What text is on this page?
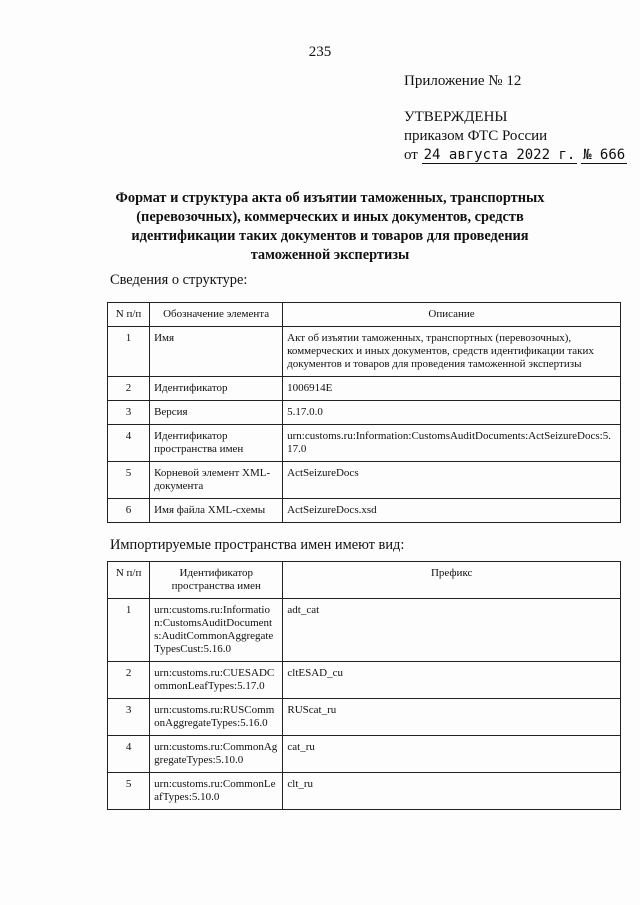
235
Приложение № 12
УТВЕРЖДЕНЫ
приказом ФТС России
от 24 августа 2022 г. № 666
Формат и структура акта об изъятии таможенных, транспортных (перевозочных), коммерческих и иных документов, средств идентификации таких документов и товаров для проведения таможенной экспертизы
Сведения о структуре:
N п/п	Обозначение элемента	Описание
1	Имя	Акт об изъятии таможенных, транспортных (перевозочных), коммерческих и иных документов, средств идентификации таких документов и товаров для проведения таможенной экспертизы
2	Идентификатор	1006914E
3	Версия	5.17.0.0
4	Идентификатор пространства имен	urn:customs.ru:Information:CustomsAuditDocuments:ActSeizureDocs:5.17.0
5	Корневой элемент XML-документа	ActSeizureDocs
6	Имя файла XML-схемы	ActSeizureDocs.xsd
Импортируемые пространства имен имеют вид:
N п/п	Идентификатор пространства имен	Префикс
1	urn:customs.ru:Information:CustomsAuditDocuments:AuditCommonAggregateTypesCust:5.16.0	adt_cat
2	urn:customs.ru:CUESADCommonLeafTypes:5.17.0	cltESAD_cu
3	urn:customs.ru:RUSCommonAggregateTypes:5.16.0	RUScat_ru
4	urn:customs.ru:CommonAggregateTypes:5.10.0	cat_ru
5	urn:customs.ru:CommonLeafTypes:5.10.0	clt_ru
